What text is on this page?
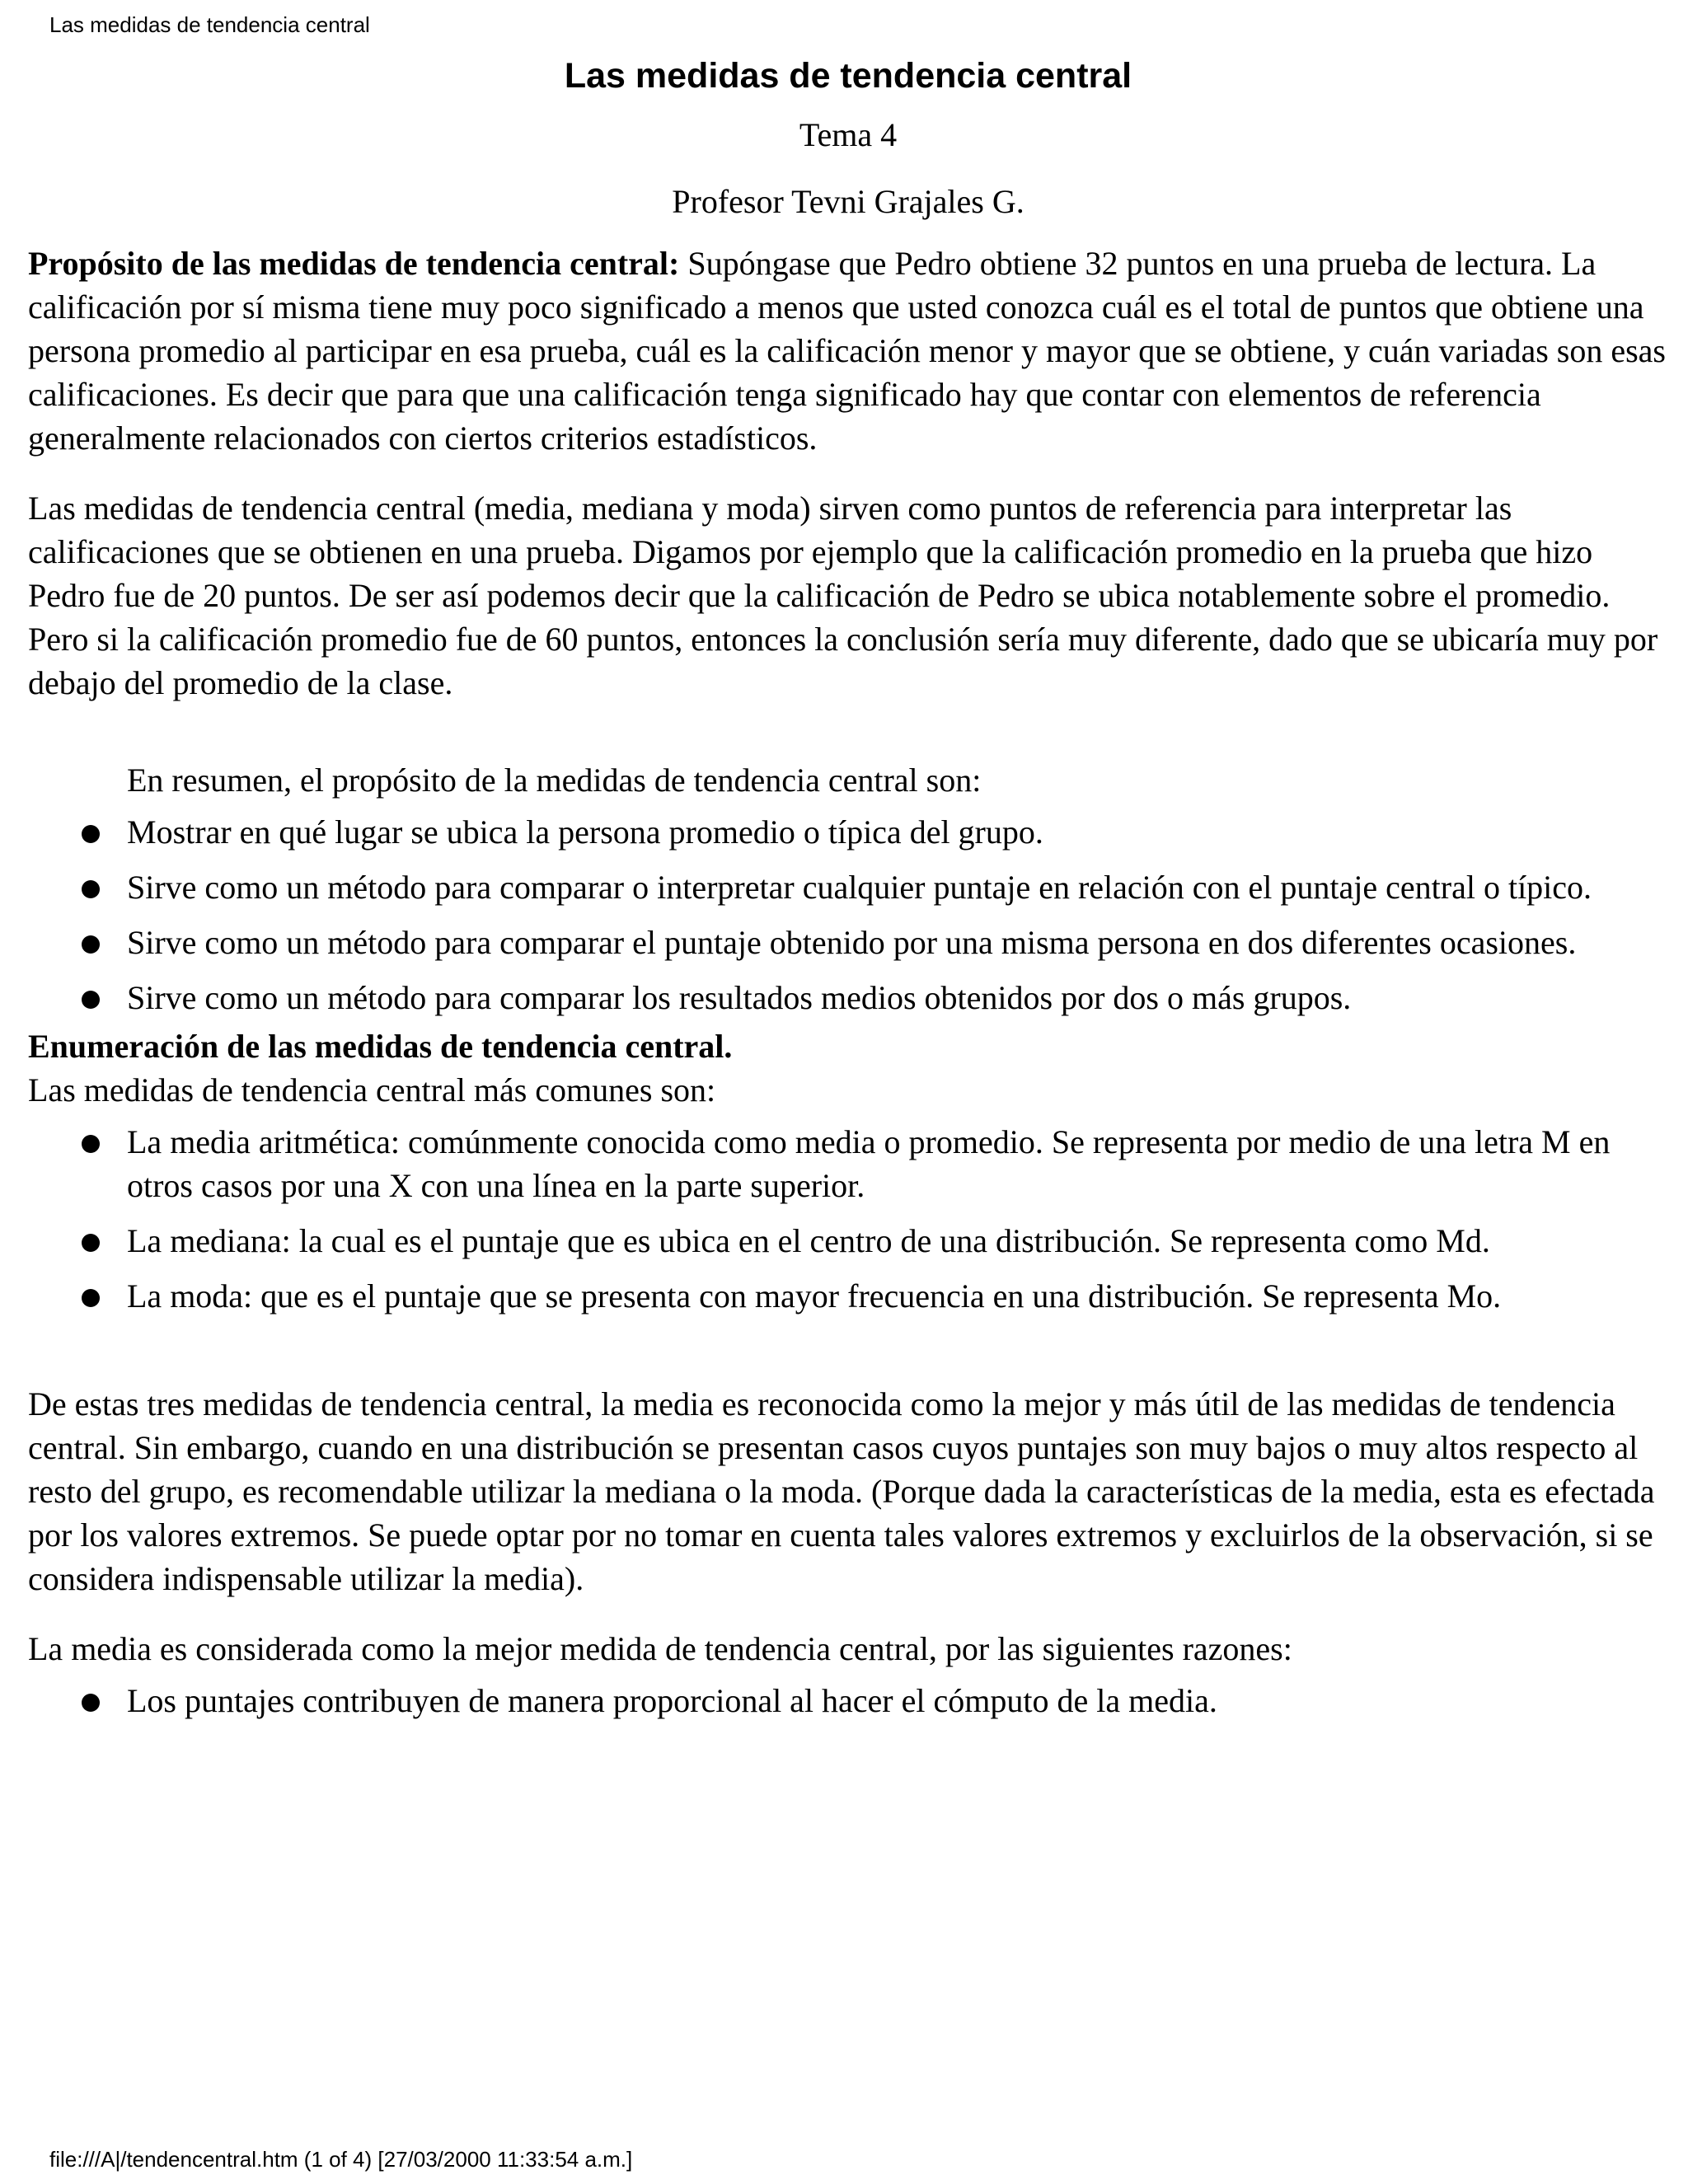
Las medidas de tendencia central
Las medidas de tendencia central
Tema 4
Profesor Tevni Grajales G.

Propósito de las medidas de tendencia central: Supóngase que Pedro obtiene 32 puntos en una prueba de lectura. La calificación por sí misma tiene muy poco significado a menos que usted conozca cuál es el total de puntos que obtiene una persona promedio al participar en esa prueba, cuál es la calificación menor y mayor que se obtiene, y cuán variadas son esas calificaciones. Es decir que para que una calificación tenga significado hay que contar con elementos de referencia generalmente relacionados con ciertos criterios estadísticos.

Las medidas de tendencia central (media, mediana y moda) sirven como puntos de referencia para interpretar las calificaciones que se obtienen en una prueba. Digamos por ejemplo que la calificación promedio en la prueba que hizo Pedro fue de 20 puntos. De ser así podemos decir que la calificación de Pedro se ubica notablemente sobre el promedio. Pero si la calificación promedio fue de 60 puntos, entonces la conclusión sería muy diferente, dado que se ubicaría muy por debajo del promedio de la clase.

En resumen, el propósito de la medidas de tendencia central son:
Mostrar en qué lugar se ubica la persona promedio o típica del grupo.
Sirve como un método para comparar o interpretar cualquier puntaje en relación con el puntaje central o típico.
Sirve como un método para comparar el puntaje obtenido por una misma persona en dos diferentes ocasiones.
Sirve como un método para comparar los resultados medios obtenidos por dos o más grupos.
Enumeración de las medidas de tendencia central.
Las medidas de tendencia central más comunes son:
La media aritmética: comúnmente conocida como media o promedio. Se representa por medio de una letra M en otros casos por una X con una línea en la parte superior.
La mediana: la cual es el puntaje que es ubica en el centro de una distribución. Se representa como Md.
La moda: que es el puntaje que se presenta con mayor frecuencia en una distribución. Se representa Mo.

De estas tres medidas de tendencia central, la media es reconocida como la mejor y más útil de las medidas de tendencia central. Sin embargo, cuando en una distribución se presentan casos cuyos puntajes son muy bajos o muy altos respecto al resto del grupo, es recomendable utilizar la mediana o la moda. (Porque dada la características de la media, esta es efectada por los valores extremos. Se puede optar por no tomar en cuenta tales valores extremos y excluirlos de la observación, si se considera indispensable utilizar la media).

La media es considerada como la mejor medida de tendencia central, por las siguientes razones:
Los puntajes contribuyen de manera proporcional al hacer el cómputo de la media.
file:///A|/tendencentral.htm (1 of 4) [27/03/2000 11:33:54 a.m.]
